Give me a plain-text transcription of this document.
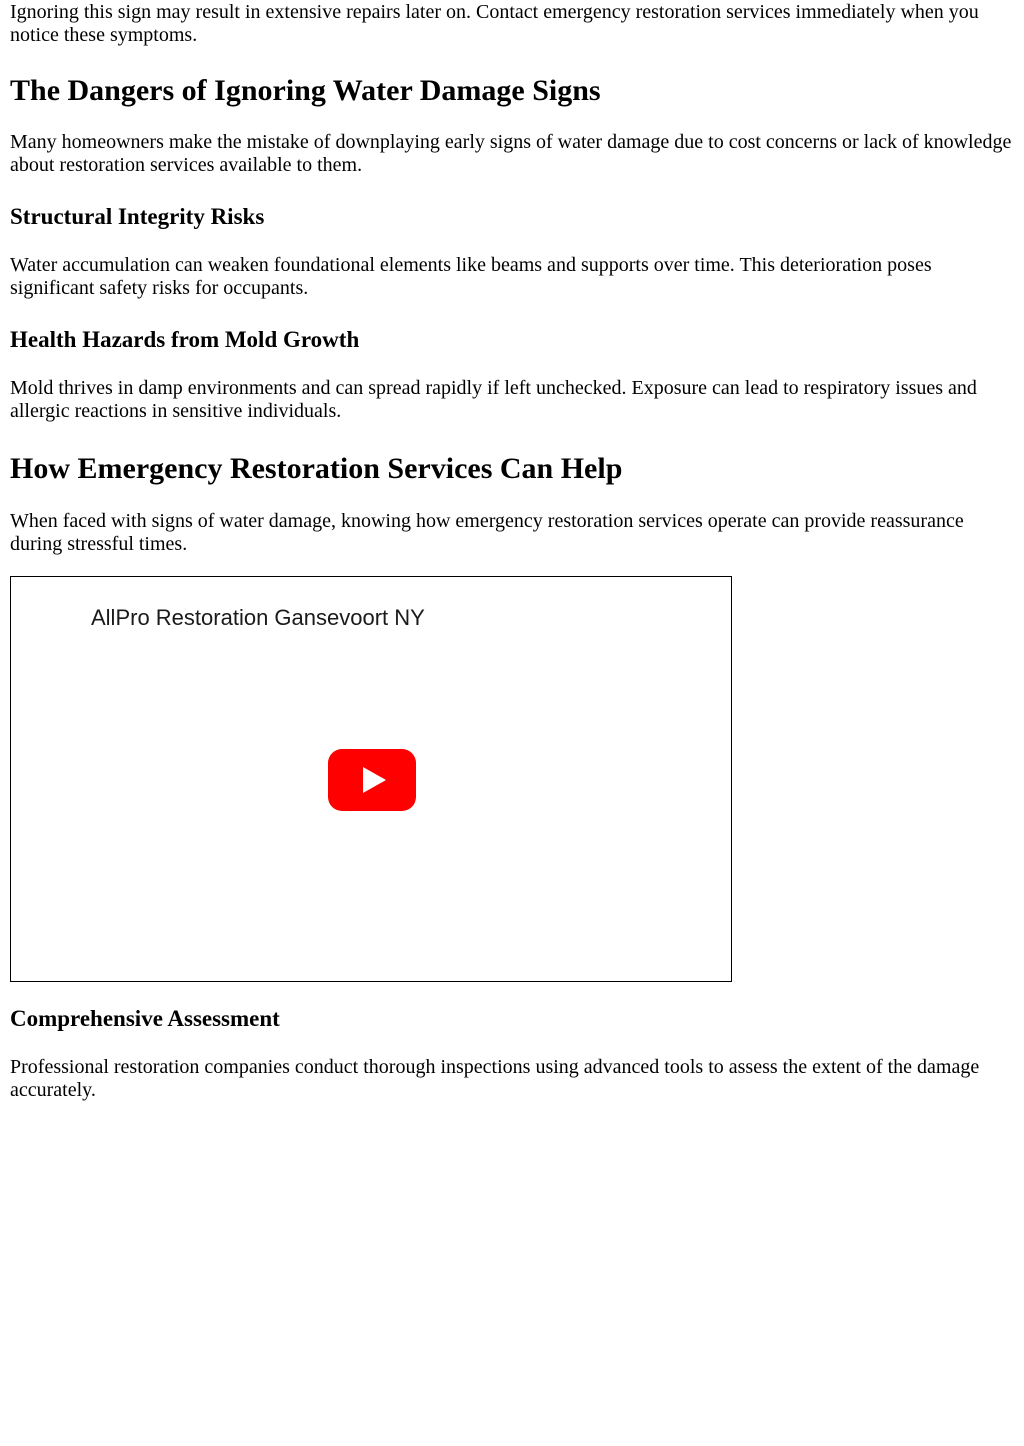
Ignoring this sign may result in extensive repairs later on. Contact emergency restoration services immediately when you notice these symptoms.

The Dangers of Ignoring Water Damage Signs

Many homeowners make the mistake of downplaying early signs of water damage due to cost concerns or lack of knowledge about restoration services available to them.

Structural Integrity Risks

Water accumulation can weaken foundational elements like beams and supports over time. This deterioration poses significant safety risks for occupants.

Health Hazards from Mold Growth

Mold thrives in damp environments and can spread rapidly if left unchecked. Exposure can lead to respiratory issues and allergic reactions in sensitive individuals.

How Emergency Restoration Services Can Help

When faced with signs of water damage, knowing how emergency restoration services operate can provide reassurance during stressful times.

AllPro Restoration Gansevoort NY
Comprehensive Assessment

Professional restoration companies conduct thorough inspections using advanced tools to assess the extent of the damage accurately.
